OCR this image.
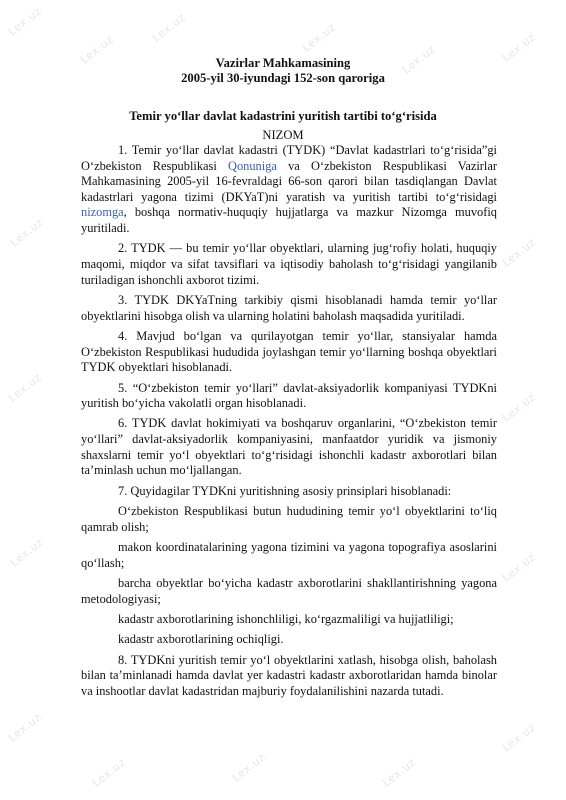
Lex.uz
Lex.uz
Lex.uz	Lex.uz
Lex.uz	Lex.uz
Lex.uz
Lex.uz
Lex.uz
Lex.uz
Lex.uz	Lex.uz
Lex.uz
Lex.uz	Lex.uz	Lex.uz
Lex.uz
Vazirlar Mahkamasining
2005-yil 30-iyundagi 152-son qaroriga
Temir yo‘llar davlat kadastrini yuritish tartibi to‘g‘risida
NIZOM

1. Temir yo‘llar davlat kadastri (TYDK) “Davlat kadastrlari to‘g‘risida”gi O‘zbekiston Respublikasi Qonuniga va O‘zbekiston Respublikasi Vazirlar Mahkamasining 2005-yil 16-fevraldagi 66-son qarori bilan tasdiqlangan Davlat kadastrlari yagona tizimi (DKYaT)ni yaratish va yuritish tartibi to‘g‘risidagi nizomga, boshqa normativ-huquqiy hujjatlarga va mazkur Nizomga muvofiq yuritiladi.

2. TYDK — bu temir yo‘llar obyektlari, ularning jug‘rofiy holati, huquqiy maqomi, miqdor va sifat tavsiflari va iqtisodiy baholash to‘g‘risidagi yangilanib turiladigan ishonchli axborot tizimi.

3. TYDK DKYaTning tarkibiy qismi hisoblanadi hamda temir yo‘llar obyektlarini hisobga olish va ularning holatini baholash maqsadida yuritiladi.

4. Mavjud bo‘lgan va qurilayotgan temir yo‘llar, stansiyalar hamda O‘zbekiston Respublikasi hududida joylashgan temir yo‘llarning boshqa obyektlari TYDK obyektlari hisoblanadi.

5. “O‘zbekiston temir yo‘llari” davlat-aksiyadorlik kompaniyasi TYDKni yuritish bo‘yicha vakolatli organ hisoblanadi.

6. TYDK davlat hokimiyati va boshqaruv organlarini, “O‘zbekiston temir yo‘llari” davlat-aksiyadorlik kompaniyasini, manfaatdor yuridik va jismoniy shaxslarni temir yo‘l obyektlari to‘g‘risidagi ishonchli kadastr axborotlari bilan ta’minlash uchun mo‘ljallangan.

7. Quyidagilar TYDKni yuritishning asosiy prinsiplari hisoblanadi:

O‘zbekiston Respublikasi butun hududining temir yo‘l obyektlarini to‘liq qamrab olish;

makon koordinatalarining yagona tizimini va yagona topografiya asoslarini qo‘llash;

barcha obyektlar bo‘yicha kadastr axborotlarini shakllantirishning yagona metodologiyasi;

kadastr axborotlarining ishonchliligi, ko‘rgazmaliligi va hujjatliligi;

kadastr axborotlarining ochiqligi.

8. TYDKni yuritish temir yo‘l obyektlarini xatlash, hisobga olish, baholash bilan ta’minlanadi hamda davlat yer kadastri kadastr axborotlaridan hamda binolar va inshootlar davlat kadastridan majburiy foydalanilishini nazarda tutadi.
